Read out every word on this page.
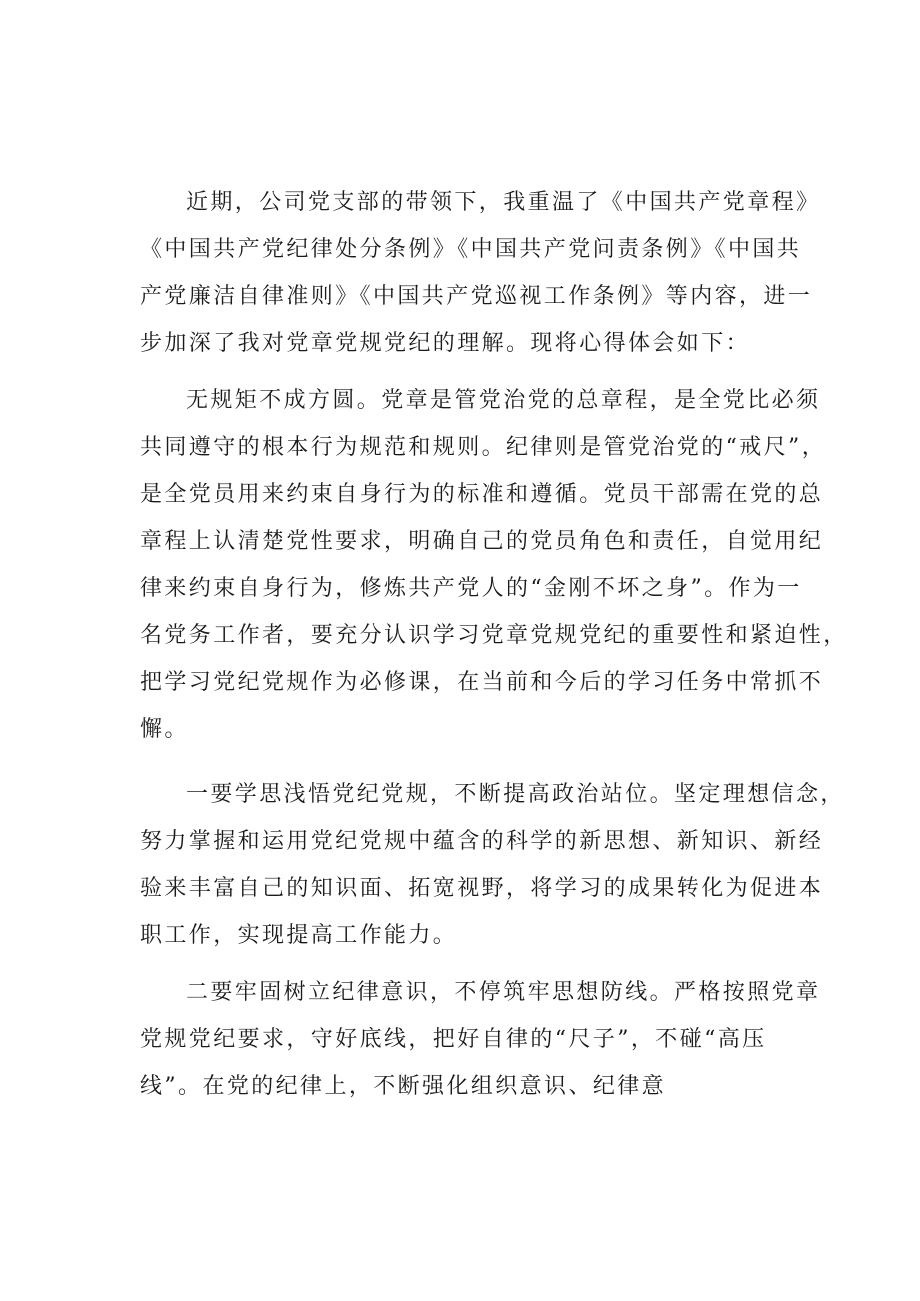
近期，公司党支部的带领下，我重温了《中国共产党章程》
《中国共产党纪律处分条例》《中国共产党问责条例》《中国共
产党廉洁自律准则》《中国共产党巡视工作条例》等内容，进一
步加深了我对党章党规党纪的理解。现将心得体会如下：
无规矩不成方圆。党章是管党治党的总章程，是全党比必须
共同遵守的根本行为规范和规则。纪律则是管党治党的“戒尺”，
是全党员用来约束自身行为的标准和遵循。党员干部需在党的总
章程上认清楚党性要求，明确自己的党员角色和责任，自觉用纪
律来约束自身行为，修炼共产党人的“金刚不坏之身”。作为一
名党务工作者，要充分认识学习党章党规党纪的重要性和紧迫性，
把学习党纪党规作为必修课，在当前和今后的学习任务中常抓不
懈。
一要学思浅悟党纪党规，不断提高政治站位。坚定理想信念，
努力掌握和运用党纪党规中蕴含的科学的新思想、新知识、新经
验来丰富自己的知识面、拓宽视野，将学习的成果转化为促进本
职工作，实现提高工作能力。
二要牢固树立纪律意识，不停筑牢思想防线。严格按照党章
党规党纪要求，守好底线，把好自律的“尺子”，不碰“高压
线”。在党的纪律上，不断强化组织意识、纪律意
